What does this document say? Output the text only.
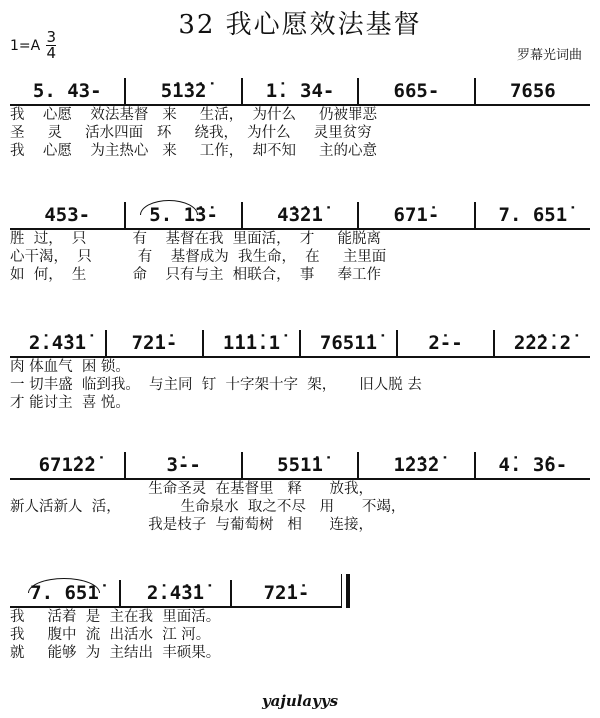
32 我心愿效法基督
$1=A \frac{3}{4}$	罗幕光词曲
5. 43-	5̇1̇3̇2̇	1̇. 34-	665-	7656
我    心愿    效法基督   来     生活，  为什么     仍被罪恶
圣     灵     活水四面   环     绕我，  为什么     灵里贫穷
我    心愿    为主热心   来     工作，  却不知     主的心意
453-	5. 1̇3̇-	4̇3̇2̇1̇	671̇-	7. 651̇
胜  过，  只          有    基督在我  里面活，  才     能脱离
心干渴，  只          有    基督成为  我生命，  在     主里面
如  何，  生          命    只有与主  相联合，  事     奉工作
2̇.4̇3̇1̇	72̇1̇-	1̇1̇1̇.1̇	7651̇1̇	2̇--	2̇2̇2̇.2̇
肉 体血气  困 锁。
一 切丰盛  临到我。  与主同  钉  十字架十字  架，     旧人脱 去
才 能讨主  喜 悦。
671̇2̇2̇	3̇--	551̇1̇	1̇2̇3̇2̇	4̇. 3̇6-
生命圣灵  在基督里   释      放我，
新人活新人  活，             生命泉水  取之不尽   用      不竭，
我是枝子  与葡萄树   相      连接，
7. 651̇	2̇.4̇3̇1̇	72̇1̇-
我     活着  是  主在我  里面活。
我     腹中  流  出活水  江 河。
就     能够  为  主结出  丰硕果。
yajulayys
